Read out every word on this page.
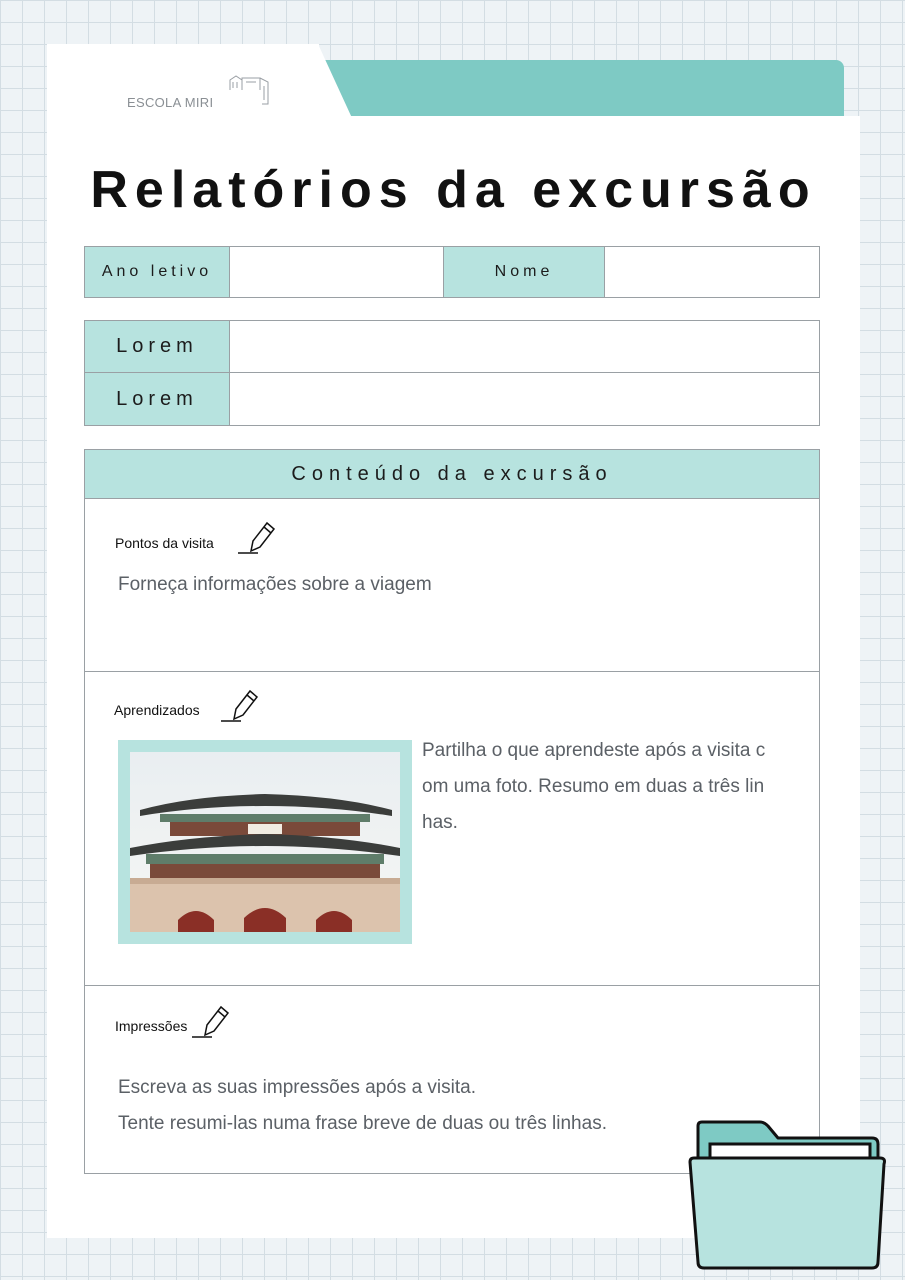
ESCOLA MIRI
Relatórios da excursão
Ano letivo	Nome
Lorem
Lorem
Conteúdo da excursão
Pontos da visita
Forneça informações sobre a viagem
Aprendizados
Partilha o que aprendeste após a visita c
om uma foto. Resumo em duas a três lin
has.
Impressões
Escreva as suas impressões após a visita.
Tente resumi-las numa frase breve de duas ou três linhas.
